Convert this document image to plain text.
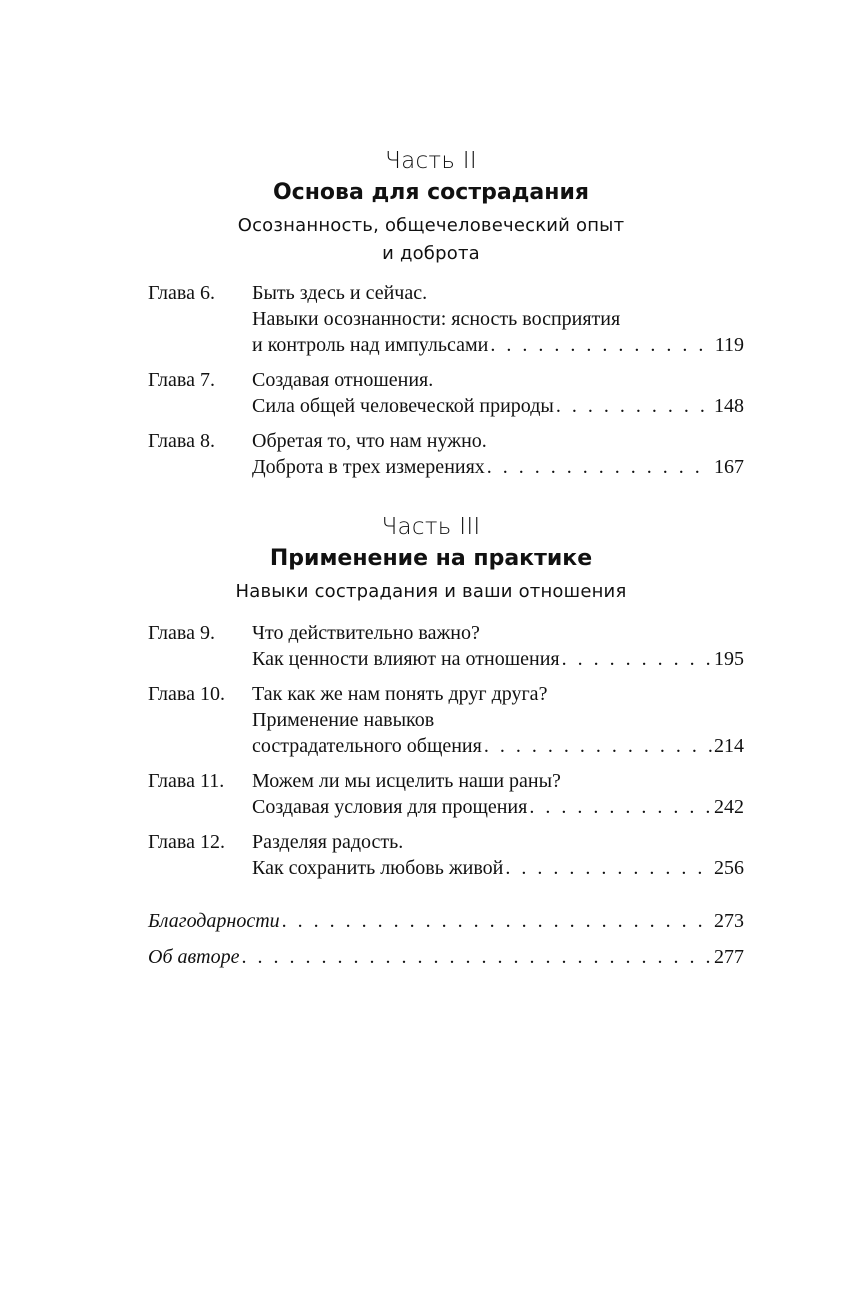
Часть II
Основа для сострадания
Осознанность, общечеловеческий опыт
и доброта
Глава 6. Быть здесь и сейчас.
Навыки осознанности: ясность восприятия
и контроль над импульсами . . .	119
Глава 7. Создавая отношения.
Сила общей человеческой природы . . .	148
Глава 8. Обретая то, что нам нужно.
Доброта в трех измерениях . . .	167
Часть III
Применение на практике
Навыки сострадания и ваши отношения
Глава 9. Что действительно важно?
Как ценности влияют на отношения . . .	195
Глава 10. Так как же нам понять друг друга?
Применение навыков
сострадательного общения . . .	214
Глава 11. Можем ли мы исцелить наши раны?
Создавая условия для прощения . . .	242
Глава 12. Разделяя радость.
Как сохранить любовь живой . . .	256
Благодарности . . .	273
Об авторе . . .	277
